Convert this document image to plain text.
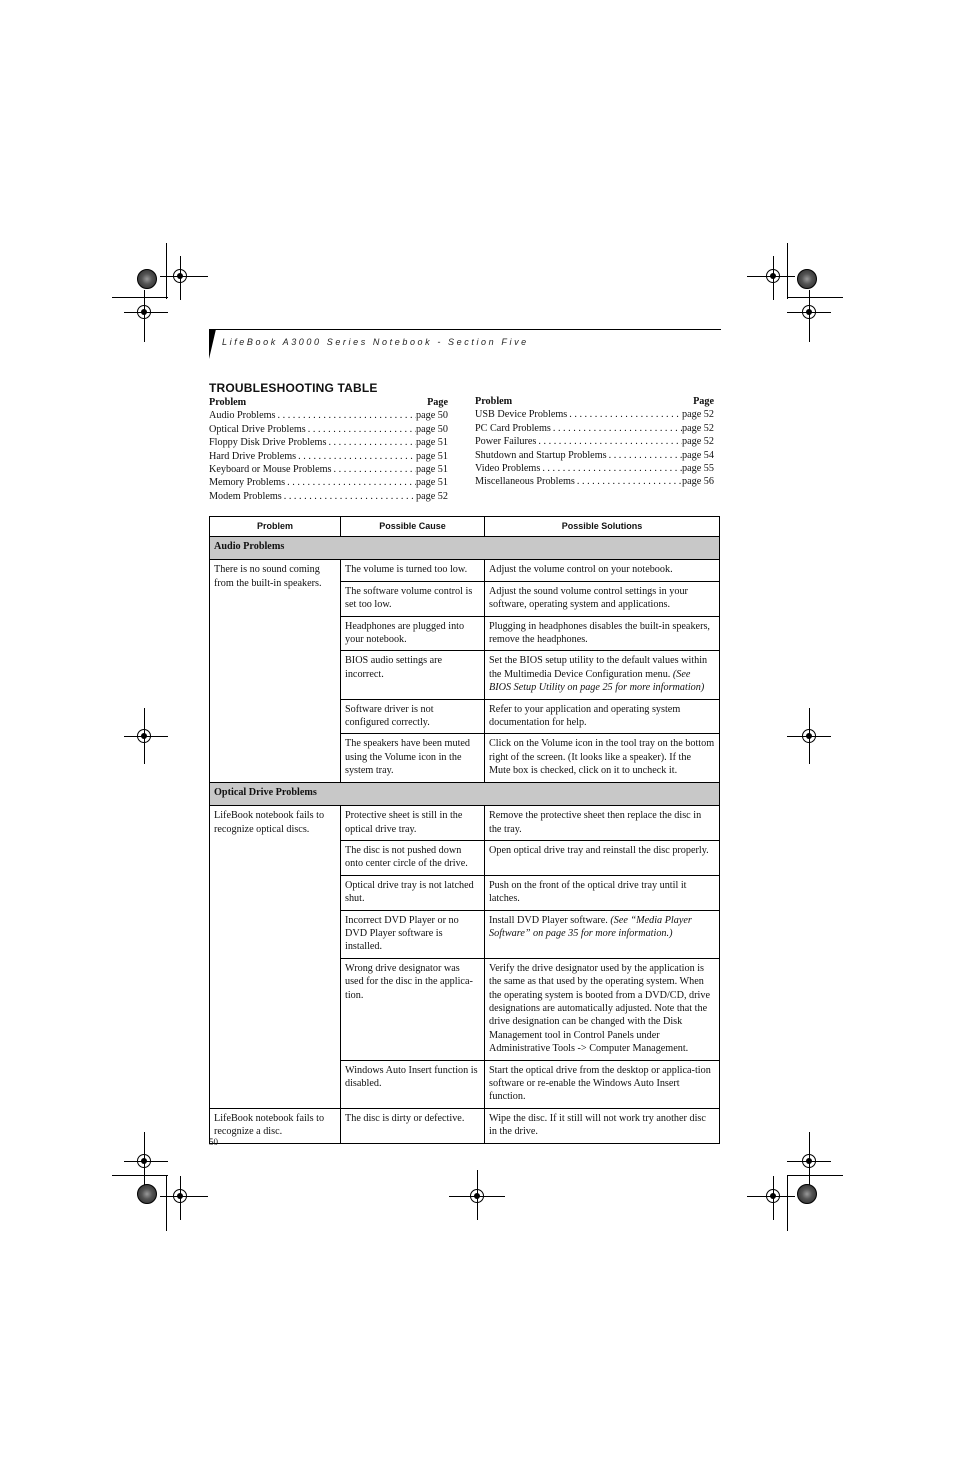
LifeBook A3000 Series Notebook - Section Five
TROUBLESHOOTING TABLE
Problem	Page
Audio Problems . . .	page 50
Optical Drive Problems . . .	page 50
Floppy Disk Drive Problems . . .	page 51
Hard Drive Problems . . .	page 51
Keyboard or Mouse Problems . . .	page 51
Memory Problems . . .	page 51
Modem Problems . . .	page 52
Problem	Page
USB Device Problems . . .	page 52
PC Card Problems . . .	page 52
Power Failures . . .	page 52
Shutdown and Startup Problems . . .	page 54
Video Problems . . .	page 55
Miscellaneous Problems . . .	page 56
Problem	Possible Cause	Possible Solutions
Audio Problems		
There is no sound coming from the built-in speakers.	The volume is turned too low.	Adjust the volume control on your notebook.
	The software volume control is set too low.	Adjust the sound volume control settings in your software, operating system and applications.
	Headphones are plugged into your notebook.	Plugging in headphones disables the built-in speakers, remove the headphones.
	BIOS audio settings are incorrect.	Set the BIOS setup utility to the default values within the Multimedia Device Configuration menu. (See BIOS Setup Utility on page 25 for more information)
	Software driver is not configured correctly.	Refer to your application and operating system documentation for help.
	The speakers have been muted using the Volume icon in the system tray.	Click on the Volume icon in the tool tray on the bottom right of the screen. (It looks like a speaker). If the Mute box is checked, click on it to uncheck it.
Optical Drive Problems		
LifeBook notebook fails to recognize optical discs.	Protective sheet is still in the optical drive tray.	Remove the protective sheet then replace the disc in the tray.
	The disc is not pushed down onto center circle of the drive.	Open optical drive tray and reinstall the disc properly.
	Optical drive tray is not latched shut.	Push on the front of the optical drive tray until it latches.
	Incorrect DVD Player or no DVD Player software is installed.	Install DVD Player software. (See “Media Player Software” on page 35 for more information.)
	Wrong drive designator was used for the disc in the applica-tion.	Verify the drive designator used by the application is the same as that used by the operating system. When the operating system is booted from a DVD/CD, drive designations are automatically adjusted. Note that the drive designation can be changed with the Disk Management tool in Control Panels under Administrative Tools -> Computer Management.
	Windows Auto Insert function is disabled.	Start the optical drive from the desktop or applica-tion software or re-enable the Windows Auto Insert function.
LifeBook notebook fails to recognize a disc.	The disc is dirty or defective.	Wipe the disc. If it still will not work try another disc in the drive.
50
